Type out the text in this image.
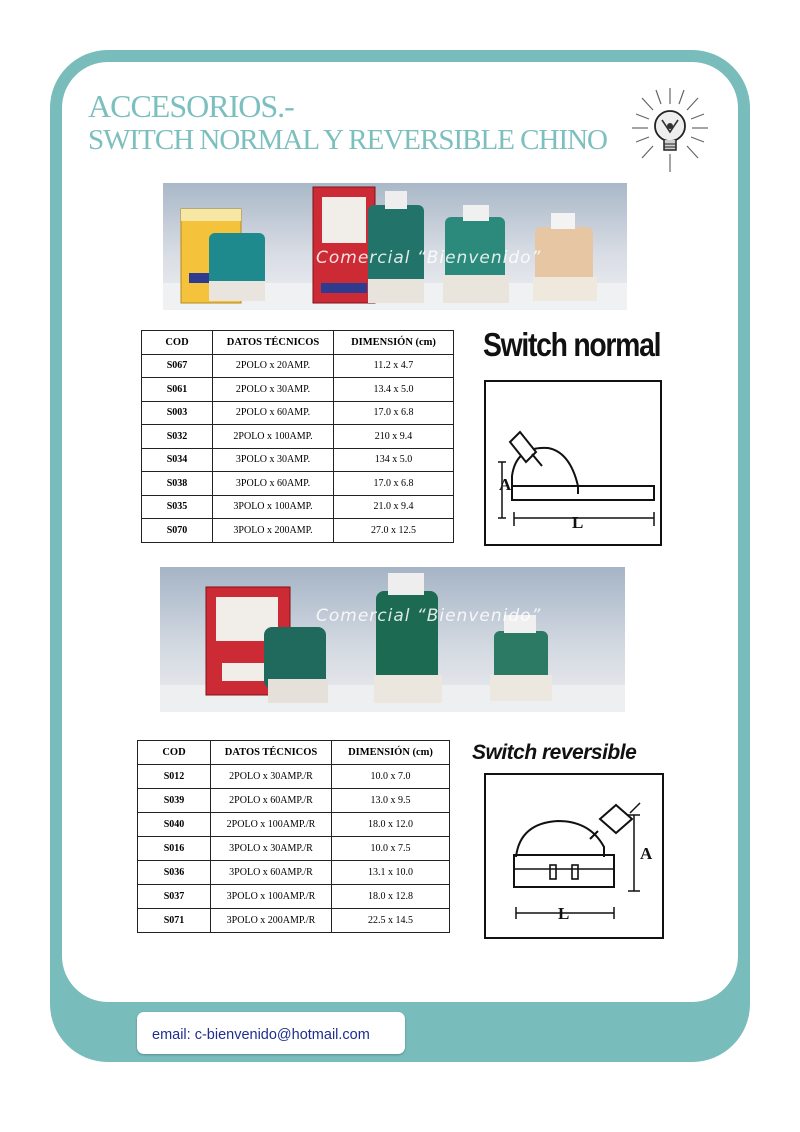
ACCESORIOS.-
SWITCH NORMAL Y REVERSIBLE CHINO
COD	DATOS TÉCNICOS	DIMENSIÓN (cm)
S067	2POLO x 20AMP.	11.2 x 4.7
S061	2POLO x 30AMP.	13.4 x 5.0
S003	2POLO x 60AMP.	17.0 x 6.8
S032	2POLO x 100AMP.	210 x 9.4
S034	3POLO x 30AMP.	134 x 5.0
S038	3POLO x 60AMP.	17.0 x 6.8
S035	3POLO x 100AMP.	21.0 x 9.4
S070	3POLO x 200AMP.	27.0 x 12.5
Switch normal
A
L
COD	DATOS TÉCNICOS	DIMENSIÓN (cm)
S012	2POLO x 30AMP./R	10.0 x 7.0
S039	2POLO x 60AMP./R	13.0 x 9.5
S040	2POLO x 100AMP./R	18.0 x 12.0
S016	3POLO x 30AMP./R	10.0 x 7.5
S036	3POLO x 60AMP./R	13.1 x 10.0
S037	3POLO x 100AMP./R	18.0 x 12.8
S071	3POLO x 200AMP./R	22.5 x 14.5
Switch reversible
A
L
Comercial “Bienvenido”
Comercial “Bienvenido”
email: c-bienvenido@hotmail.com
